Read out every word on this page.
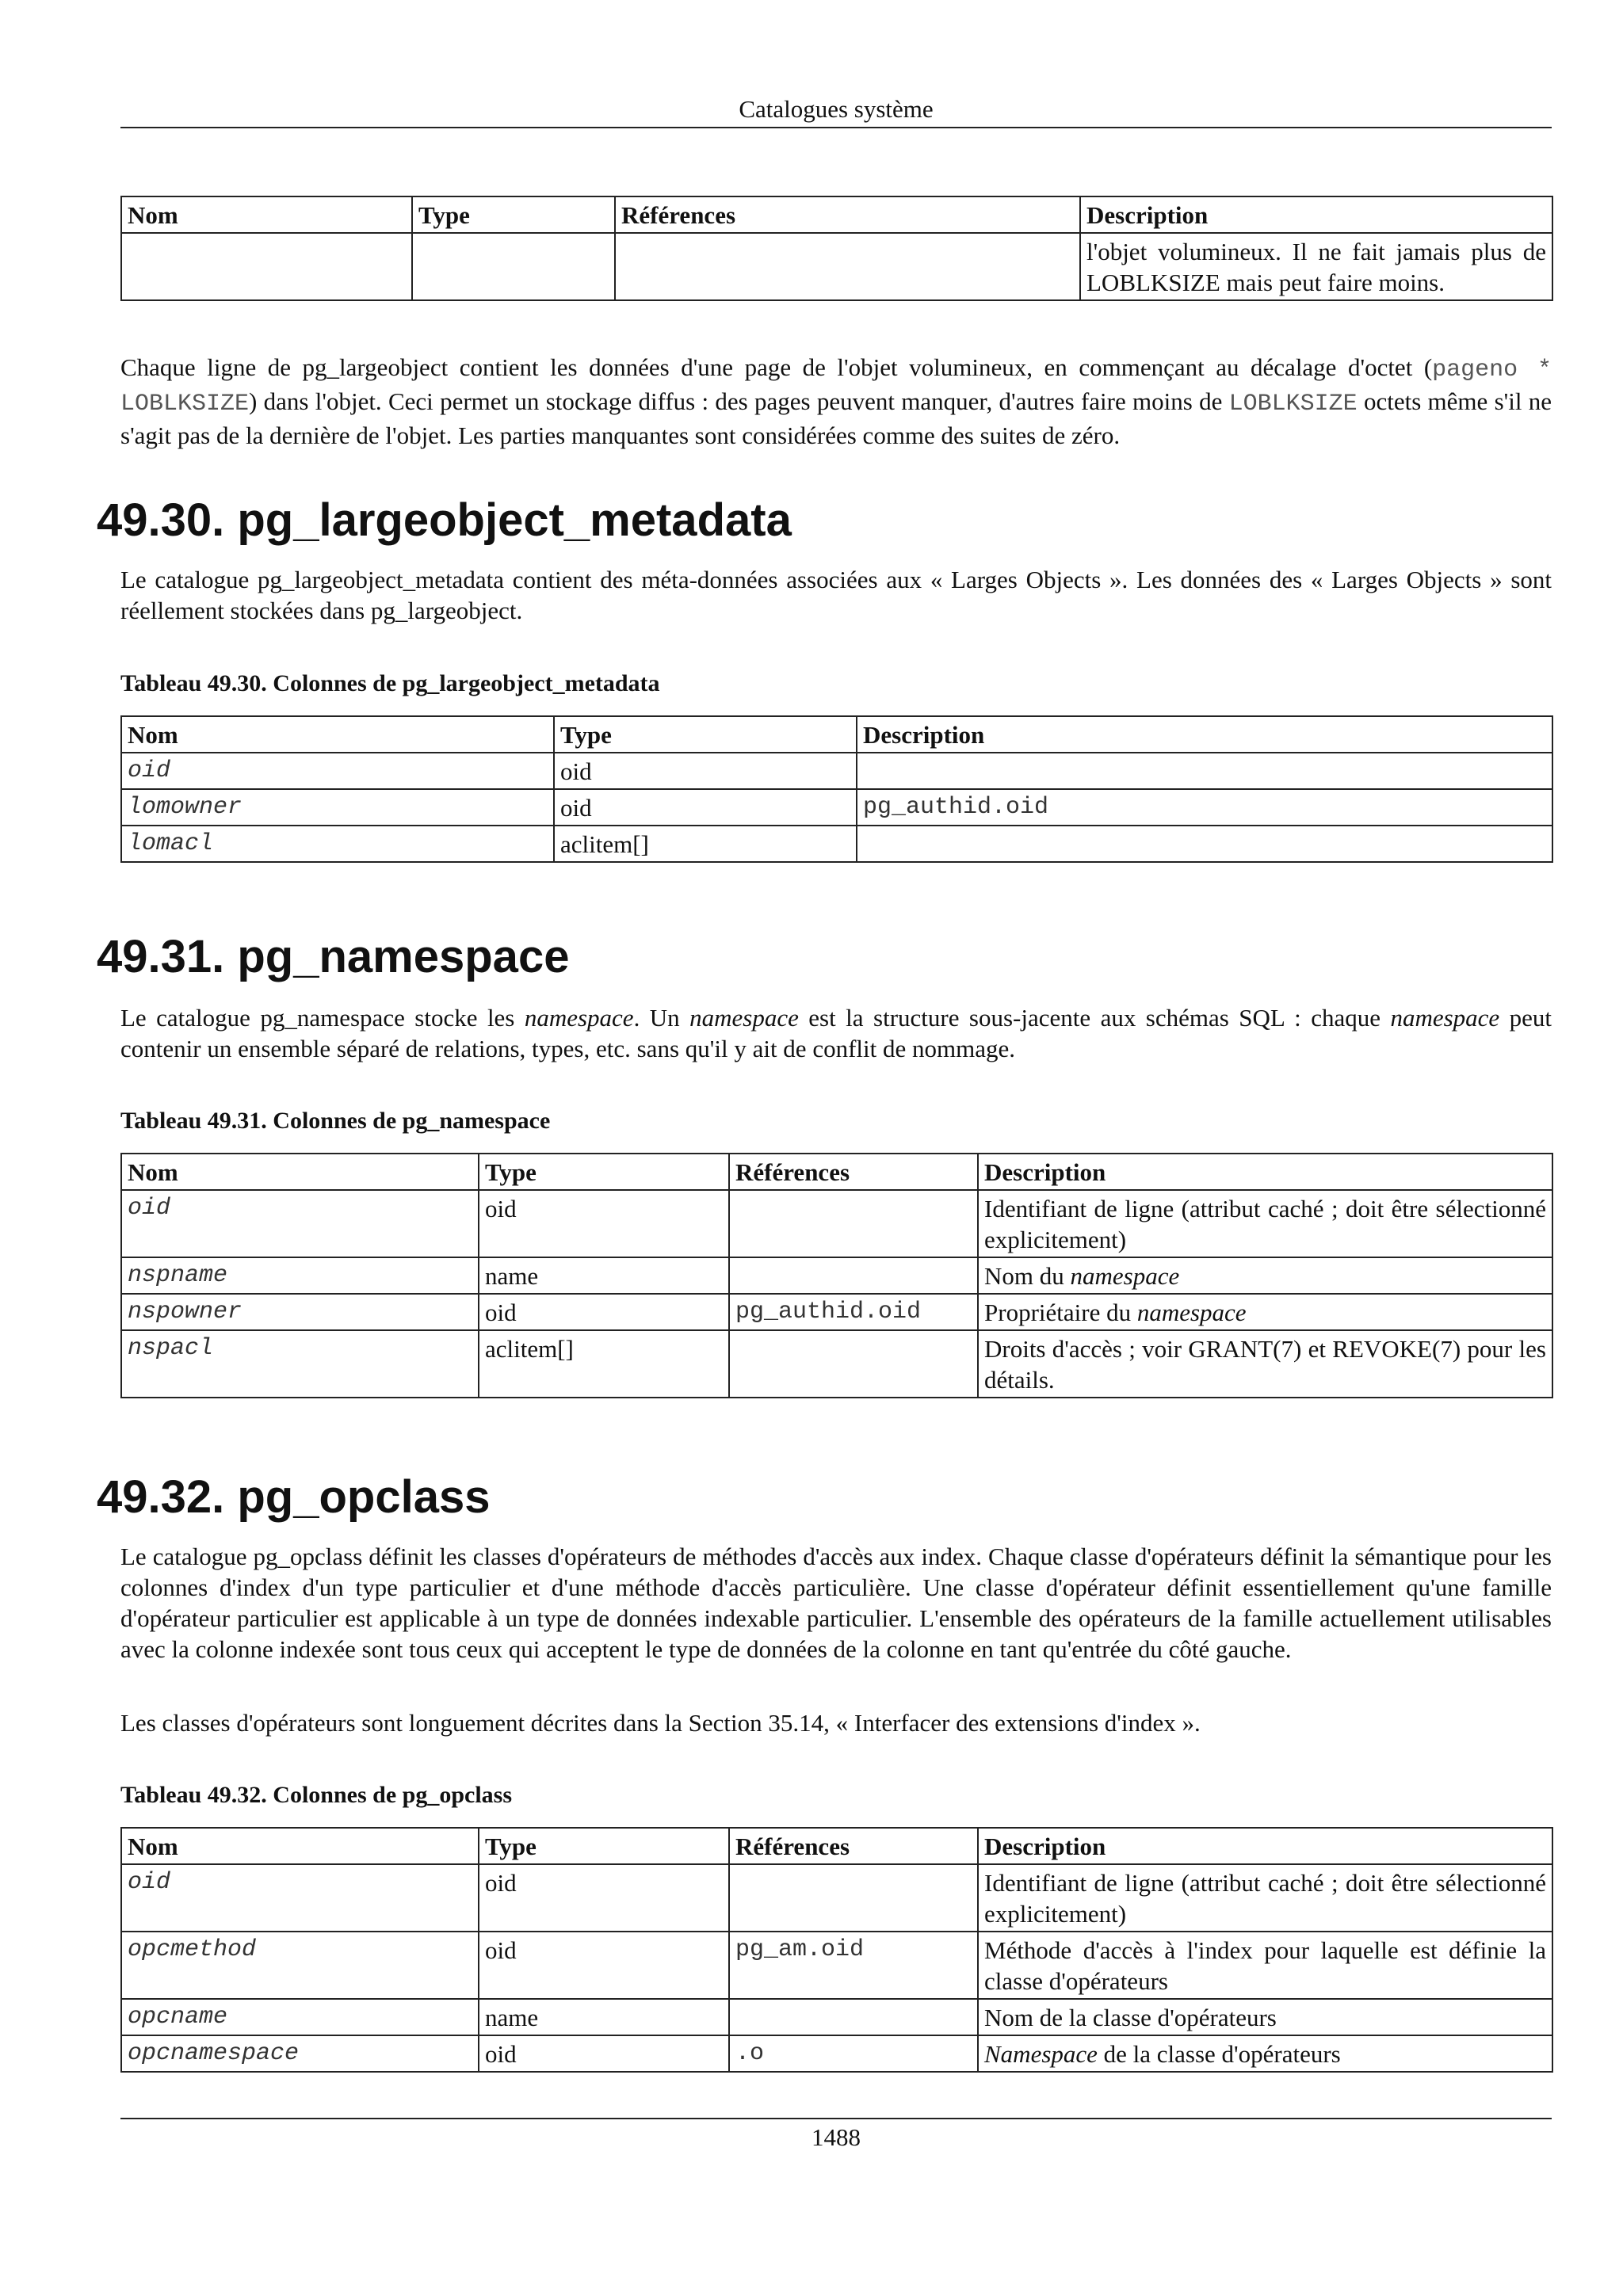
Catalogues système
Nom	Type	Références	Description
			l'objet volumineux. Il ne fait jamais plus de LOBLKSIZE mais peut faire moins.

Chaque ligne de pg_largeobject contient les données d'une page de l'objet volumineux, en commençant au décalage d'octet (pageno * LOBLKSIZE) dans l'objet. Ceci permet un stockage diffus : des pages peuvent manquer, d'autres faire moins de LOBLKSIZE octets même s'il ne s'agit pas de la dernière de l'objet. Les parties manquantes sont considérées comme des suites de zéro.

49.30. pg_largeobject_metadata

Le catalogue pg_largeobject_metadata contient des méta-données associées aux « Larges Objects ». Les données des « Larges Objects » sont réellement stockées dans pg_largeobject.

Tableau 49.30. Colonnes de pg_largeobject_metadata
Nom	Type	Description
oid	oid	
lomowner	oid	pg_authid.oid
lomacl	aclitem[]	
49.31. pg_namespace

Le catalogue pg_namespace stocke les namespace. Un namespace est la structure sous-jacente aux schémas SQL : chaque namespace peut contenir un ensemble séparé de relations, types, etc. sans qu'il y ait de conflit de nommage.

Tableau 49.31. Colonnes de pg_namespace
Nom	Type	Références	Description
oid	oid		Identifiant de ligne (attribut caché ; doit être sélectionné explicitement)
nspname	name		Nom du namespace
nspowner	oid	pg_authid.oid	Propriétaire du namespace
nspacl	aclitem[]		Droits d'accès ; voir GRANT(7) et REVOKE(7) pour les détails.
49.32. pg_opclass

Le catalogue pg_opclass définit les classes d'opérateurs de méthodes d'accès aux index. Chaque classe d'opérateurs définit la sémantique pour les colonnes d'index d'un type particulier et d'une méthode d'accès particulière. Une classe d'opérateur définit essentiellement qu'une famille d'opérateur particulier est applicable à un type de données indexable particulier. L'ensemble des opérateurs de la famille actuellement utilisables avec la colonne indexée sont tous ceux qui acceptent le type de données de la colonne en tant qu'entrée du côté gauche.

Les classes d'opérateurs sont longuement décrites dans la Section 35.14, « Interfacer des extensions d'index ».

Tableau 49.32. Colonnes de pg_opclass
Nom	Type	Références	Description
oid	oid		Identifiant de ligne (attribut caché ; doit être sélectionné explicitement)
opcmethod	oid	pg_am.oid	Méthode d'accès à l'index pour laquelle est définie la classe d'opérateurs
opcname	name		Nom de la classe d'opérateurs
opcnamespace	oid	.o	Namespace de la classe d'opérateurs
1488
